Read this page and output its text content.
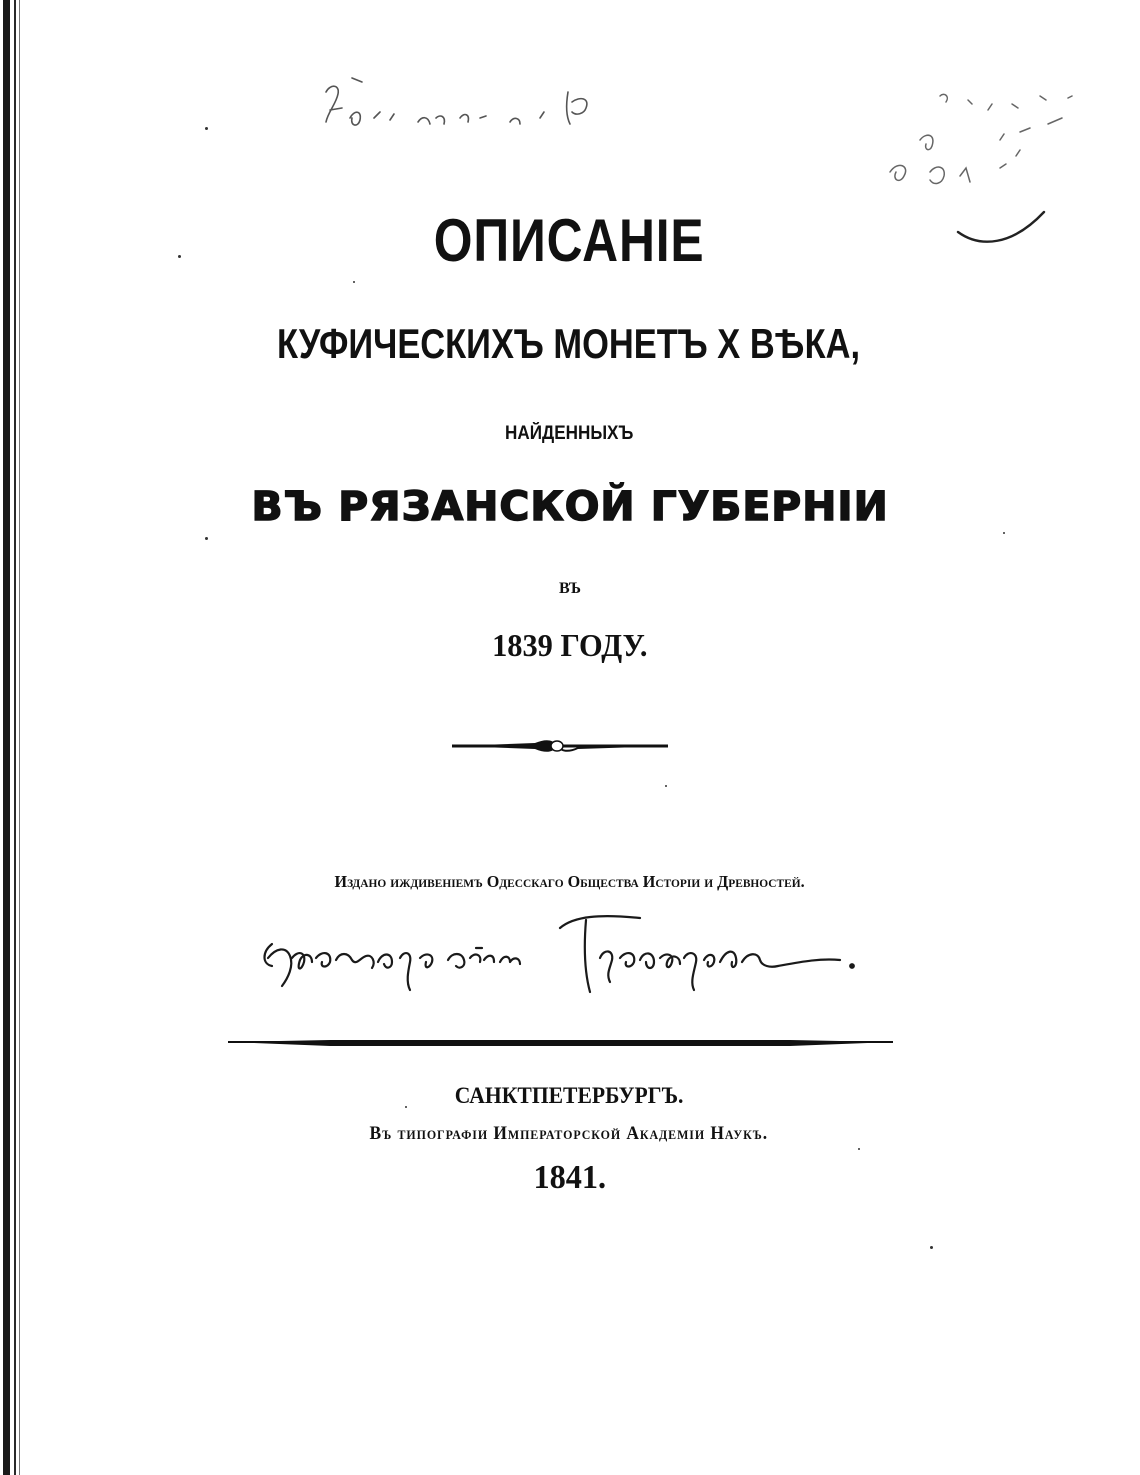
ОПИСАНІЕ
КУФИЧЕСКИХЪ МОНЕТЪ X ВѢКА,
НАЙДЕННЫХЪ
ВЪ РЯЗАНСКОЙ ГУБЕРНІИ
ВЪ
1839 ГОДУ.
Издано иждивеніемъ Одесскаго Общества Исторіи и Древностей.
САНКТПЕТЕРБУРГЪ.
Въ типографіи Императорской Академіи Наукъ.
1841.
